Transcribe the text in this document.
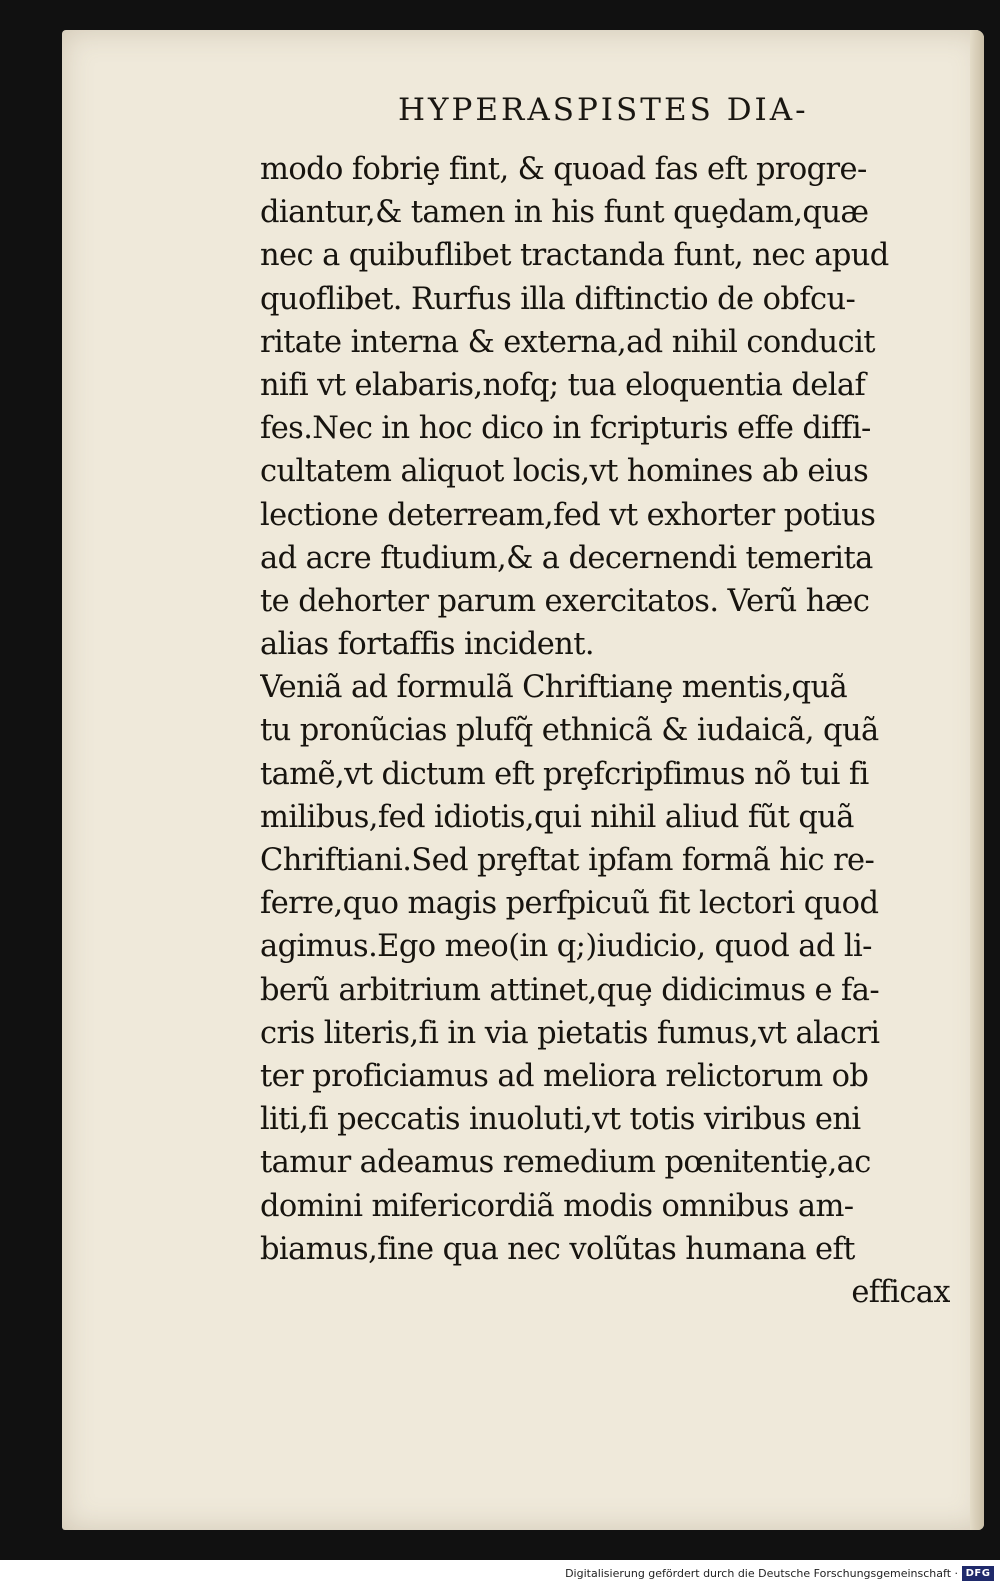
HYPERASPISTES DIA-
modo fobriȩ fint, & quoad fas eft progre-
diantur,& tamen in his funt quȩdam,quæ
nec a quibuflibet tractanda funt, nec apud
quoflibet. Rurfus illa diftinctio de obfcu-
ritate interna & externa,ad nihil conducit
nifi vt elabaris,nofq; tua eloquentia delaf
fes.Nec in hoc dico in fcripturis effe diffi-
cultatem aliquot locis,vt homines ab eius
lectione deterream,fed vt exhorter potius
ad acre ftudium,& a decernendi temerita
te dehorter parum exercitatos. Verũ hæc
alias fortaffis incident.
Veniã ad formulã Chriftianȩ mentis,quã
tu pronũcias plufq̃ ethnicã & iudaicã, quã
tamẽ,vt dictum eft prȩfcripfimus nõ tui fi
milibus,fed idiotis,qui nihil aliud fũt quã
Chriftiani.Sed prȩftat ipfam formã hic re-
ferre,quo magis perfpicuũ fit lectori quod
agimus.Ego meo(in q;)iudicio, quod ad li-
berũ arbitrium attinet,quȩ didicimus e fa-
cris literis,fi in via pietatis fumus,vt alacri
ter proficiamus ad meliora relictorum ob
liti,fi peccatis inuoluti,vt totis viribus eni
tamur adeamus remedium pœnitentiȩ,ac
domini mifericordiã modis omnibus am-
biamus,fine qua nec volũtas humana eft
efficax
Digitalisierung gefördert durch die Deutsche Forschungsgemeinschaft · DFG
